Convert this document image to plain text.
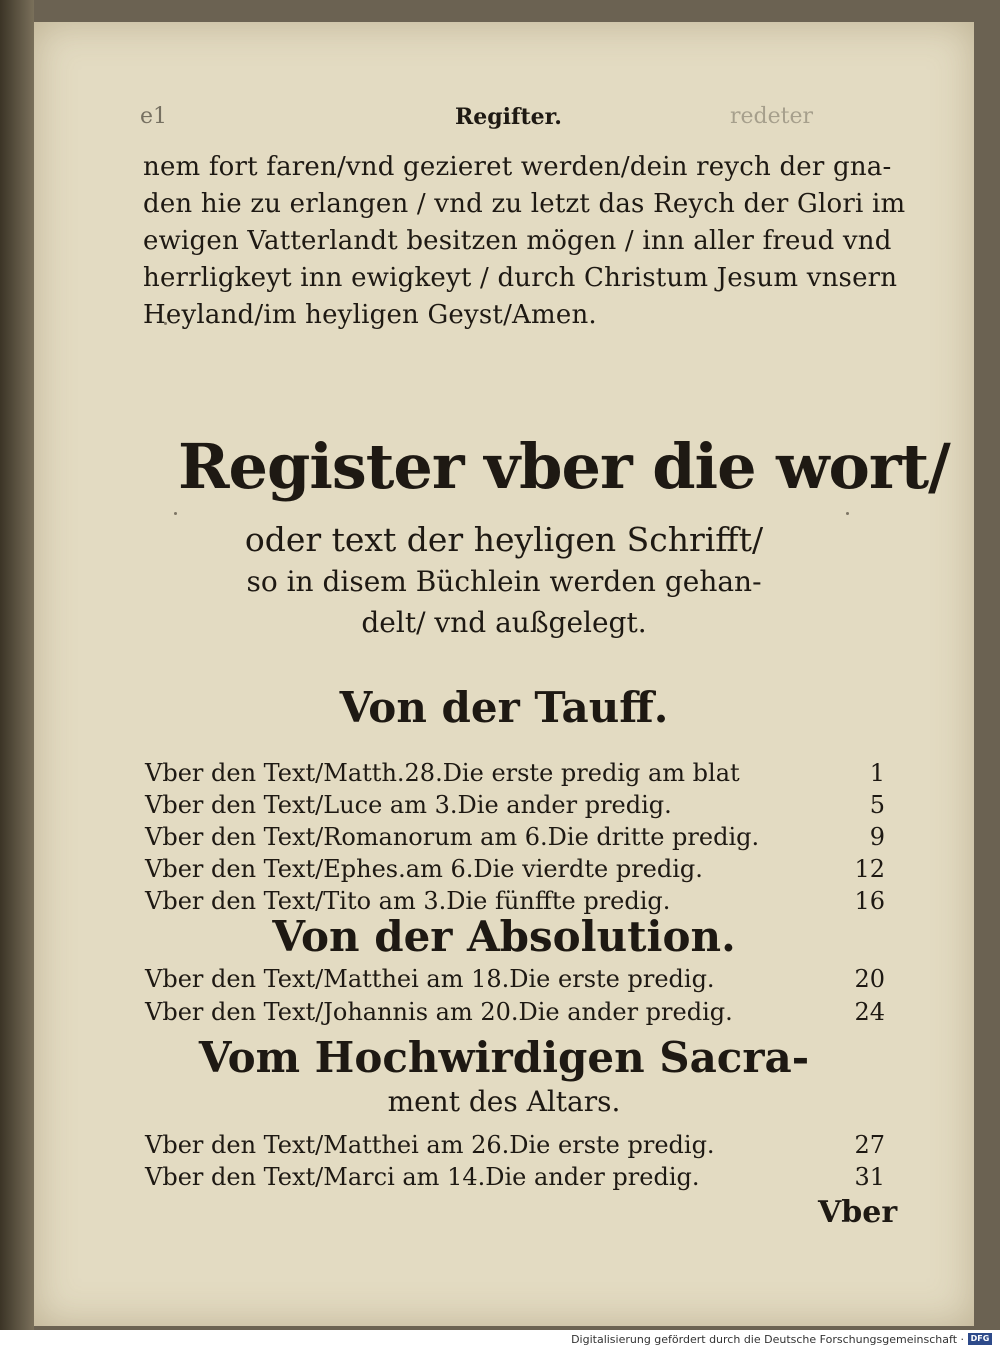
e1	Regifter.	redeter
nem fort faren/vnd gezieret werden/dein reych der gna-
den hie zu erlangen / vnd zu letzt das Reych der Glori im
ewigen Vatterlandt besitzen mögen / inn aller freud vnd
herrligkeyt inn ewigkeyt / durch Christum Jesum vnsern
Heyland/im heyligen Geyst/Amen.
Register vber die wort/
oder text der heyligen Schrifft/
so in disem Büchlein werden gehan-
delt/ vnd außgelegt.
Von der Tauff.
Vber den Text/Matth.28.Die erste predig am blat	1
Vber den Text/Luce am 3.Die ander predig.	5
Vber den Text/Romanorum am 6.Die dritte predig.	9
Vber den Text/Ephes.am 6.Die vierdte predig.	12
Vber den Text/Tito am 3.Die fünffte predig.	16
Von der Absolution.
Vber den Text/Matthei am 18.Die erste predig.	20
Vber den Text/Johannis am 20.Die ander predig.	24
Vom Hochwirdigen Sacra-
ment des Altars.
Vber den Text/Matthei am 26.Die erste predig.	27
Vber den Text/Marci am 14.Die ander predig.	31
Vber
Digitalisierung gefördert durch die Deutsche Forschungsgemeinschaft · DFG
